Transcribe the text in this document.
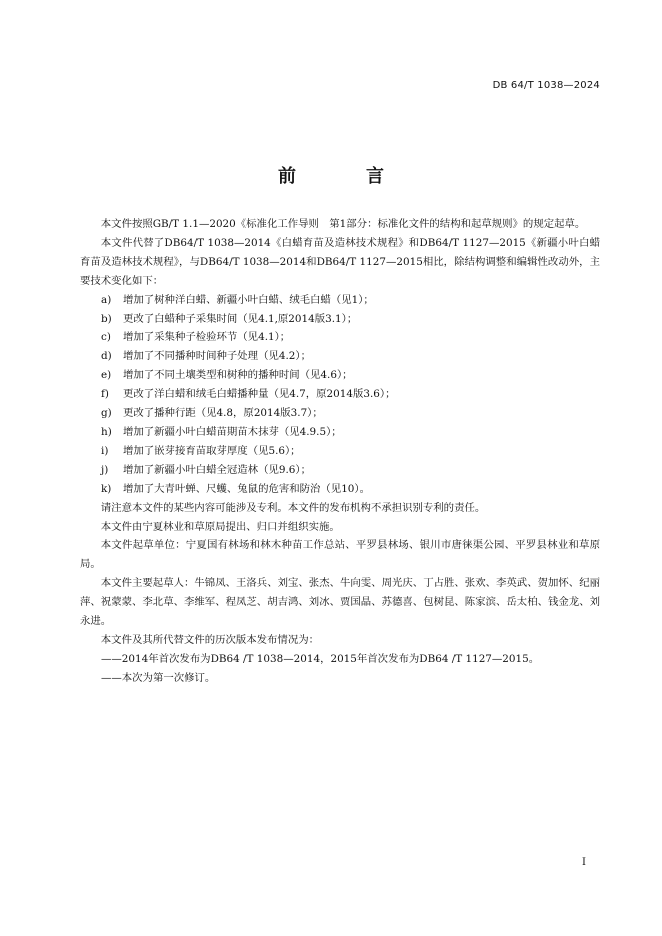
DB 64/T 1038—2024
前　言

本文件按照GB/T 1.1—2020《标准化工作导则　第1部分：标准化文件的结构和起草规则》的规定起草。

本文件代替了DB64/T 1038—2014《白蜡育苗及造林技术规程》和DB64/T 1127—2015《新疆小叶白蜡育苗及造林技术规程》，与DB64/T 1038—2014和DB64/T 1127—2015相比，除结构调整和编辑性改动外，主要技术变化如下：

a) 增加了树种洋白蜡、新疆小叶白蜡、绒毛白蜡（见1）；

b) 更改了白蜡种子采集时间（见4.1,原2014版3.1）；

c) 增加了采集种子检验环节（见4.1）；

d) 增加了不同播种时间种子处理（见4.2）；

e) 增加了不同土壤类型和树种的播种时间（见4.6）；

f) 更改了洋白蜡和绒毛白蜡播种量（见4.7，原2014版3.6）；

g) 更改了播种行距（见4.8，原2014版3.7）；

h) 增加了新疆小叶白蜡苗期苗木抹芽（见4.9.5）；

i) 增加了嵌芽接育苗取芽厚度（见5.6）；

j) 增加了新疆小叶白蜡全冠造林（见9.6）；

k) 增加了大青叶蝉、尺蠖、兔鼠的危害和防治（见10）。

请注意本文件的某些内容可能涉及专利。本文件的发布机构不承担识别专利的责任。

本文件由宁夏林业和草原局提出、归口并组织实施。

本文件起草单位：宁夏国有林场和林木种苗工作总站、平罗县林场、银川市唐徕渠公园、平罗县林业和草原局。

本文件主要起草人：牛锦凤、王洛兵、刘宝、张杰、牛向雯、周光庆、丁占胜、张欢、李英武、贺加怀、纪丽萍、祝蒙蒙、李北草、李维军、程凤芝、胡吉鸿、刘冰、贾国晶、苏德喜、包树昆、陈家滨、岳太柏、钱金龙、刘永进。

本文件及其所代替文件的历次版本发布情况为：

——2014年首次发布为DB64 /T 1038—2014，2015年首次发布为DB64 /T 1127—2015。

——本次为第一次修订。

I
